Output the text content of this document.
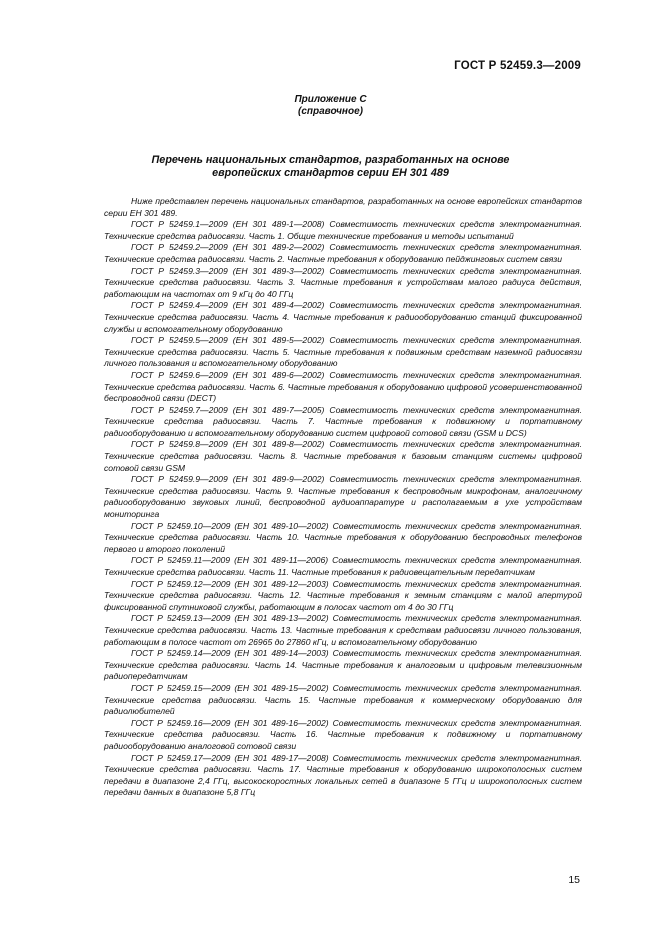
ГОСТ Р 52459.3—2009
Приложение С
(справочное)
Перечень национальных стандартов, разработанных на основе
европейских стандартов серии ЕН 301 489

Ниже представлен перечень национальных стандартов, разработанных на основе европейских стандартов серии ЕН 301 489.

ГОСТ Р 52459.1—2009 (ЕН 301 489-1—2008) Совместимость технических средств электромагнитная. Технические средства радиосвязи. Часть 1. Общие технические требования и методы испытаний

ГОСТ Р 52459.2—2009 (ЕН 301 489-2—2002) Совместимость технических средств электромагнитная. Технические средства радиосвязи. Часть 2. Частные требования к оборудованию пейджинговых систем связи

ГОСТ Р 52459.3—2009 (ЕН 301 489-3—2002) Совместимость технических средств электромагнитная. Технические средства радиосвязи. Часть 3. Частные требования к устройствам малого радиуса действия, работающим на частотах от 9 кГц до 40 ГГц

ГОСТ Р 52459.4—2009 (ЕН 301 489-4—2002) Совместимость технических средств электромагнитная. Технические средства радиосвязи. Часть 4. Частные требования к радиооборудованию станций фиксированной службы и вспомогательному оборудованию

ГОСТ Р 52459.5—2009 (ЕН 301 489-5—2002) Совместимость технических средств электромагнитная. Технические средства радиосвязи. Часть 5. Частные требования к подвижным средствам наземной радиосвязи личного пользования и вспомогательному оборудованию

ГОСТ Р 52459.6—2009 (ЕН 301 489-6—2002) Совместимость технических средств электромагнитная. Технические средства радиосвязи. Часть 6. Частные требования к оборудованию цифровой усовершенствованной беспроводной связи (DECT)

ГОСТ Р 52459.7—2009 (ЕН 301 489-7—2005) Совместимость технических средств электромагнитная. Технические средства радиосвязи. Часть 7. Частные требования к подвижному и портативному радиооборудованию и вспомогательному оборудованию систем цифровой сотовой связи (GSM и DCS)

ГОСТ Р 52459.8—2009 (ЕН 301 489-8—2002) Совместимость технических средств электромагнитная. Технические средства радиосвязи. Часть 8. Частные требования к базовым станциям системы цифровой сотовой связи GSM

ГОСТ Р 52459.9—2009 (ЕН 301 489-9—2002) Совместимость технических средств электромагнитная. Технические средства радиосвязи. Часть 9. Частные требования к беспроводным микрофонам, аналогичному радиооборудованию звуковых линий, беспроводной аудиоаппаратуре и располагаемым в ухе устройствам мониторинга

ГОСТ Р 52459.10—2009 (ЕН 301 489-10—2002) Совместимость технических средств электромагнитная. Технические средства радиосвязи. Часть 10. Частные требования к оборудованию беспроводных телефонов первого и второго поколений

ГОСТ Р 52459.11—2009 (ЕН 301 489-11—2006) Совместимость технических средств электромагнитная. Технические средства радиосвязи. Часть 11. Частные требования к радиовещательным передатчикам

ГОСТ Р 52459.12—2009 (ЕН 301 489-12—2003) Совместимость технических средств электромагнитная. Технические средства радиосвязи. Часть 12. Частные требования к земным станциям с малой апертурой фиксированной спутниковой службы, работающим в полосах частот от 4 до 30 ГГц

ГОСТ Р 52459.13—2009 (ЕН 301 489-13—2002) Совместимость технических средств электромагнитная. Технические средства радиосвязи. Часть 13. Частные требования к средствам радиосвязи личного пользования, работающим в полосе частот от 26965 до 27860 кГц, и вспомогательному оборудованию

ГОСТ Р 52459.14—2009 (ЕН 301 489-14—2003) Совместимость технических средств электромагнитная. Технические средства радиосвязи. Часть 14. Частные требования к аналоговым и цифровым телевизионным радиопередатчикам

ГОСТ Р 52459.15—2009 (ЕН 301 489-15—2002) Совместимость технических средств электромагнитная. Технические средства радиосвязи. Часть 15. Частные требования к коммерческому оборудованию для радиолюбителей

ГОСТ Р 52459.16—2009 (ЕН 301 489-16—2002) Совместимость технических средств электромагнитная. Технические средства радиосвязи. Часть 16. Частные требования к подвижному и портативному радиооборудованию аналоговой сотовой связи

ГОСТ Р 52459.17—2009 (ЕН 301 489-17—2008) Совместимость технических средств электромагнитная. Технические средства радиосвязи. Часть 17. Частные требования к оборудованию широкополосных систем передачи в диапазоне 2,4 ГГц, высокоскоростных локальных сетей в диапазоне 5 ГГц и широкополосных систем передачи данных в диапазоне 5,8 ГГц

15
